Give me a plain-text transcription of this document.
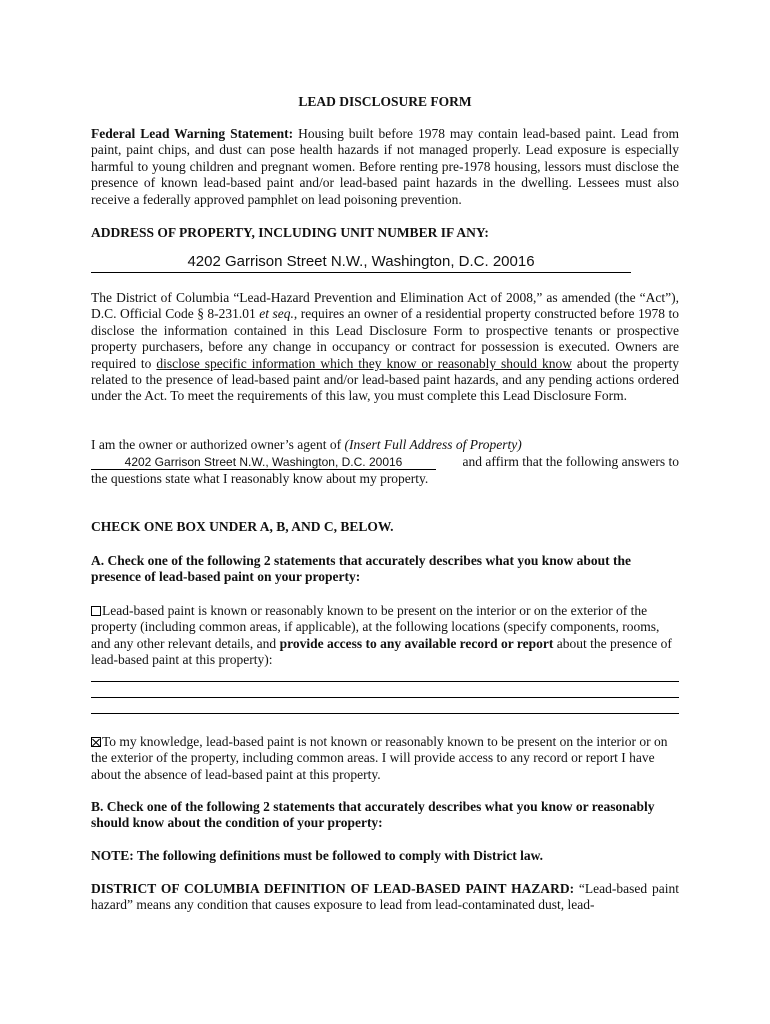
LEAD DISCLOSURE FORM
Federal Lead Warning Statement: Housing built before 1978 may contain lead-based paint. Lead from paint, paint chips, and dust can pose health hazards if not managed properly. Lead exposure is especially harmful to young children and pregnant women. Before renting pre-1978 housing, lessors must disclose the presence of known lead-based paint and/or lead-based paint hazards in the dwelling. Lessees must also receive a federally approved pamphlet on lead poisoning prevention.
ADDRESS OF PROPERTY, INCLUDING UNIT NUMBER IF ANY:
4202 Garrison Street N.W., Washington, D.C. 20016
The District of Columbia “Lead-Hazard Prevention and Elimination Act of 2008,” as amended (the “Act”), D.C. Official Code § 8-231.01 et seq., requires an owner of a residential property constructed before 1978 to disclose the information contained in this Lead Disclosure Form to prospective tenants or prospective property purchasers, before any change in occupancy or contract for possession is executed. Owners are required to disclose specific information which they know or reasonably should know about the property related to the presence of lead-based paint and/or lead-based paint hazards, and any pending actions ordered under the Act. To meet the requirements of this law, you must complete this Lead Disclosure Form.
I am the owner or authorized owner’s agent of (Insert Full Address of Property)
4202 Garrison Street N.W., Washington, D.C. 20016	and affirm that the following answers to
the questions state what I reasonably know about my property.
CHECK ONE BOX UNDER A, B, AND C, BELOW.
A. Check one of the following 2 statements that accurately describes what you know about the presence of lead-based paint on your property:
Lead-based paint is known or reasonably known to be present on the interior or on the exterior of the property (including common areas, if applicable), at the following locations (specify components, rooms, and any other relevant details, and provide access to any available record or report about the presence of lead-based paint at this property):
To my knowledge, lead-based paint is not known or reasonably known to be present on the interior or on the exterior of the property, including common areas. I will provide access to any record or report I have about the absence of lead-based paint at this property.
B. Check one of the following 2 statements that accurately describes what you know or reasonably should know about the condition of your property:
NOTE: The following definitions must be followed to comply with District law.
DISTRICT OF COLUMBIA DEFINITION OF LEAD-BASED PAINT HAZARD: “Lead-based paint hazard” means any condition that causes exposure to lead from lead-contaminated dust, lead-
